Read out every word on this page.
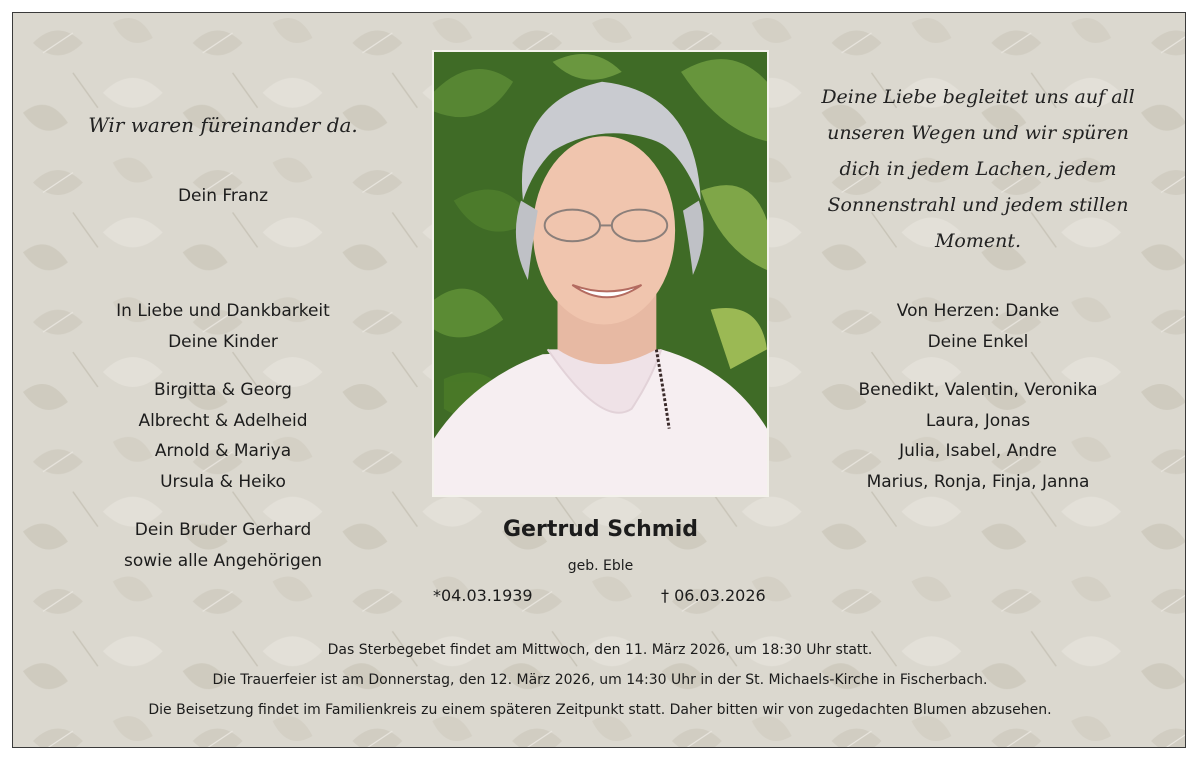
Wir waren füreinander da.
Dein Franz
In Liebe und Dankbarkeit
Deine Kinder
Birgitta & Georg
Albrecht & Adelheid
Arnold & Mariya
Ursula & Heiko
Dein Bruder Gerhard
sowie alle Angehörigen
Gertrud Schmid
geb. Eble
*04.03.1939	† 06.03.2026
Deine Liebe begleitet uns auf all
unseren Wegen und wir spüren
dich in jedem Lachen, jedem
Sonnenstrahl und jedem stillen
Moment.
Von Herzen: Danke
Deine Enkel
Benedikt, Valentin, Veronika
Laura, Jonas
Julia, Isabel, Andre
Marius, Ronja, Finja, Janna
Das Sterbegebet findet am Mittwoch, den 11. März 2026, um 18:30 Uhr statt.
Die Trauerfeier ist am Donnerstag, den 12. März 2026, um 14:30 Uhr in der St. Michaels-Kirche in Fischerbach.
Die Beisetzung findet im Familienkreis zu einem späteren Zeitpunkt statt. Daher bitten wir von zugedachten Blumen abzusehen.
